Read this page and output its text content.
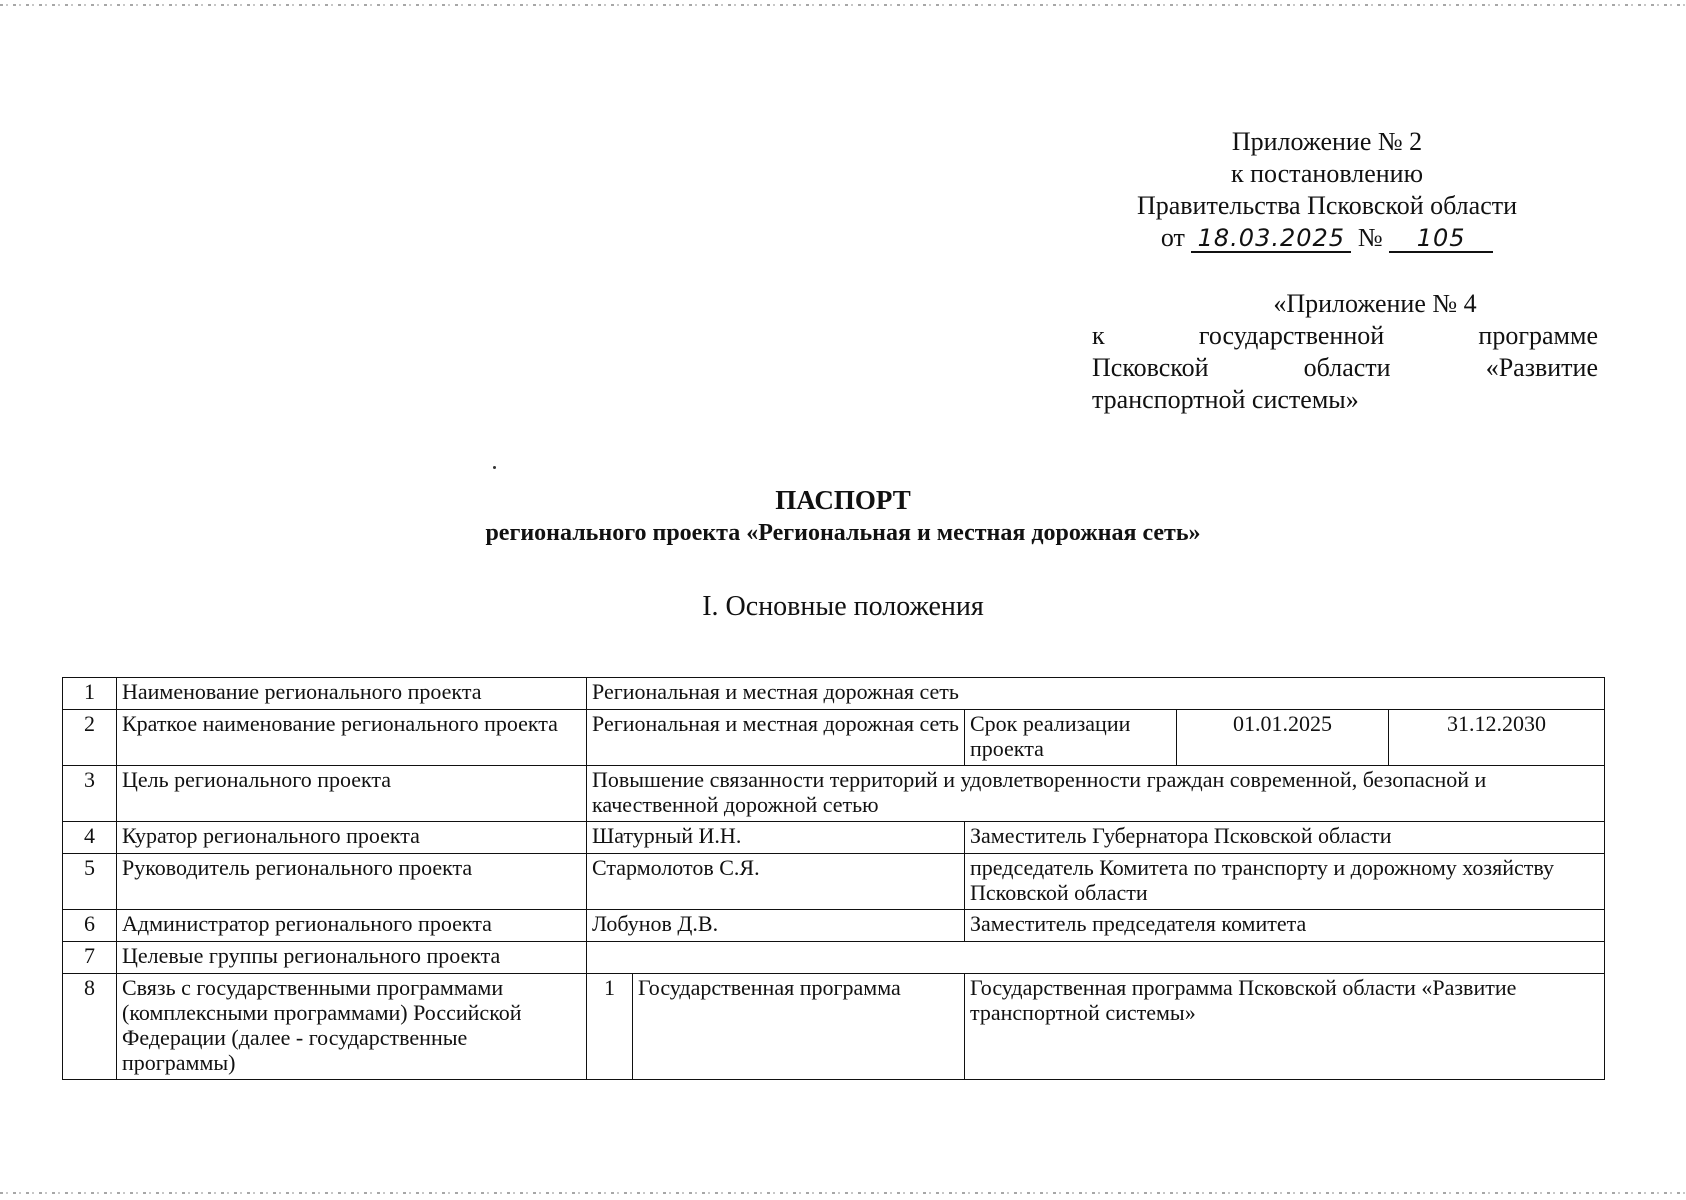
Приложение № 2
к постановлению
Правительства Псковской области
от 18.03.2025 № 105
«Приложение № 4
к	государственной	программе
Псковской	области	«Развитие
транспортной системы»
ПАСПОРТ
регионального проекта «Региональная и местная дорожная сеть»
I. Основные положения
1	Наименование регионального проекта	Региональная и местная дорожная сеть				
2	Краткое наименование регионального проекта	Региональная и местная дорожная сеть		Срок реализации проекта	01.01.2025	31.12.2030
3	Цель регионального проекта	Повышение связанности территорий и удовлетворенности граждан современной, безопасной и качественной дорожной сетью				
4	Куратор регионального проекта	Шатурный И.Н.		Заместитель Губернатора Псковской области		
5	Руководитель регионального проекта	Стармолотов С.Я.		председатель Комитета по транспорту и дорожному хозяйству Псковской области		
6	Администратор регионального проекта	Лобунов Д.В.		Заместитель председателя комитета		
7	Целевые группы регионального проекта					
8	Связь с государственными программами (комплексными программами) Российской Федерации (далее - государственные программы)	1	Государственная программа	Государственная программа Псковской области «Развитие транспортной системы»		
